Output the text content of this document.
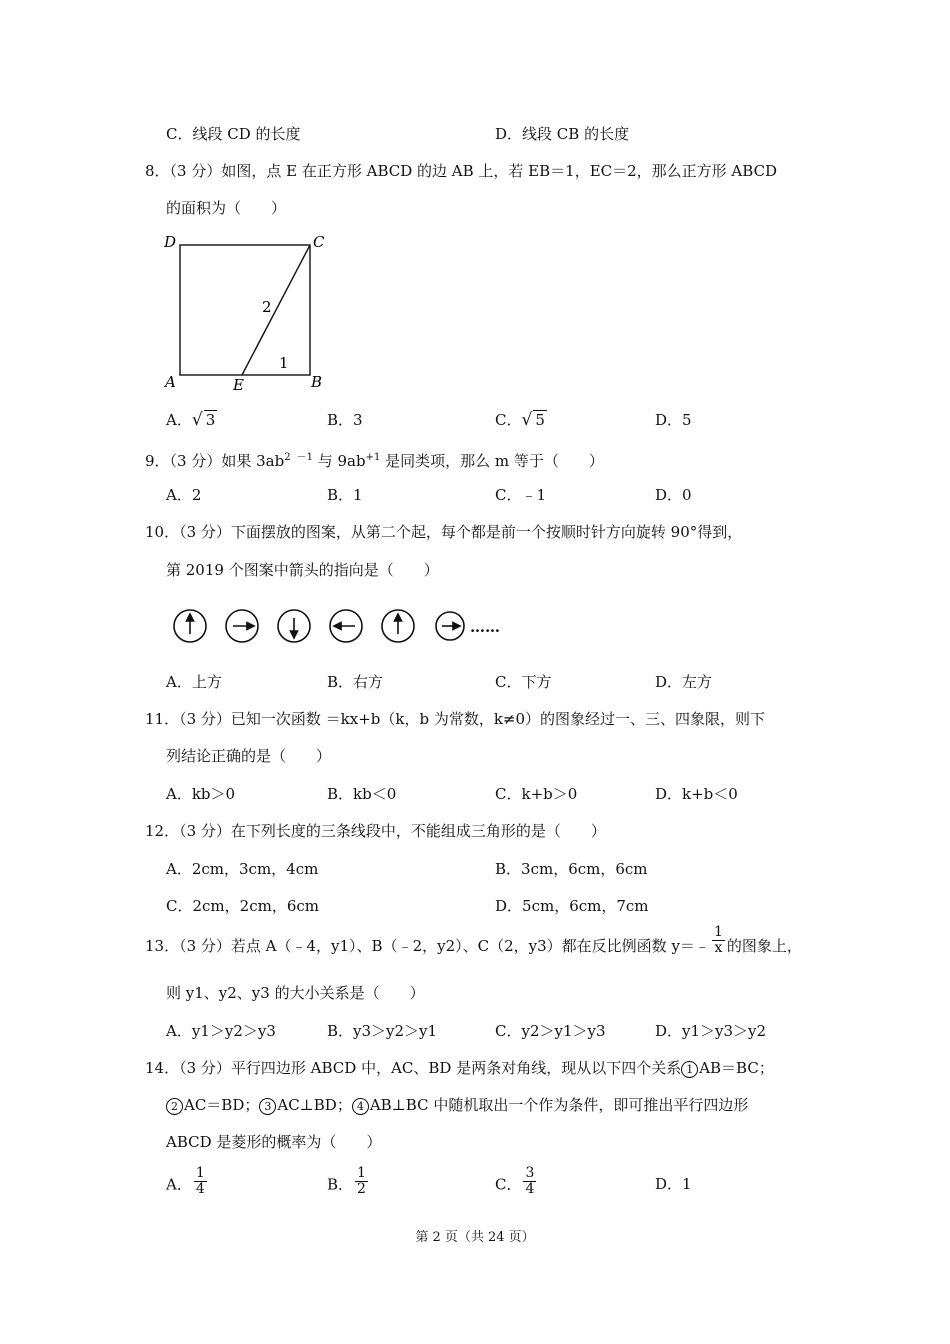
C．线段 CD 的长度	D．线段 CB 的长度
8．（3 分）如图，点 E 在正方形 ABCD 的边 AB 上，若 EB＝1，EC＝2，那么正方形 ABCD
的面积为（　　）
D	C
A	B
E
2
1
A．√ 3	B．3	C．√ 5	D．5
9．（3 分）如果 $3ab^2$ $^{-1}$ 与 $9ab^{+1}$ 是同类项，那么 m 等于（　　）
A．2	B．1	C．﹣1	D．0
10．（3 分）下面摆放的图案，从第二个起，每个都是前一个按顺时针方向旋转 90°得到，
第 2019 个图案中箭头的指向是（　　）
……
A．上方	B．右方	C．下方	D．左方
11．（3 分）已知一次函数 ＝kx+b（k，b 为常数，k≠0）的图象经过一、三、四象限，则下
列结论正确的是（　　）
A．kb＞0	B．kb＜0	C．k+b＞0	D．k+b＜0
12．（3 分）在下列长度的三条线段中，不能组成三角形的是（　　）
A．2cm，3cm，4cm	B．3cm，6cm，6cm
C．2cm，2cm，6cm	D．5cm，6cm，7cm
13．（3 分）若点 A（﹣4，y1）、B（﹣2，y2）、C（2，y3）都在反比例函数 y＝﹣ $\frac{1}{x}$ 的图象上，
则 y1、y2、y3 的大小关系是（　　）
A．y1＞y2＞y3	B．y3＞y2＞y1	C．y2＞y1＞y3	D．y1＞y3＞y2
14．（3 分）平行四边形 ABCD 中，AC、BD 是两条对角线，现从以下四个关系 1 AB＝BC；
2 AC＝BD； 3 AC⊥BD； 4 AB⊥BC 中随机取出一个作为条件，即可推出平行四边形
ABCD 是菱形的概率为（　　）
A． $\frac{1}{4}$	B． $\frac{1}{2}$	C． $\frac{3}{4}$	D．1
第 2 页（共 24 页）
